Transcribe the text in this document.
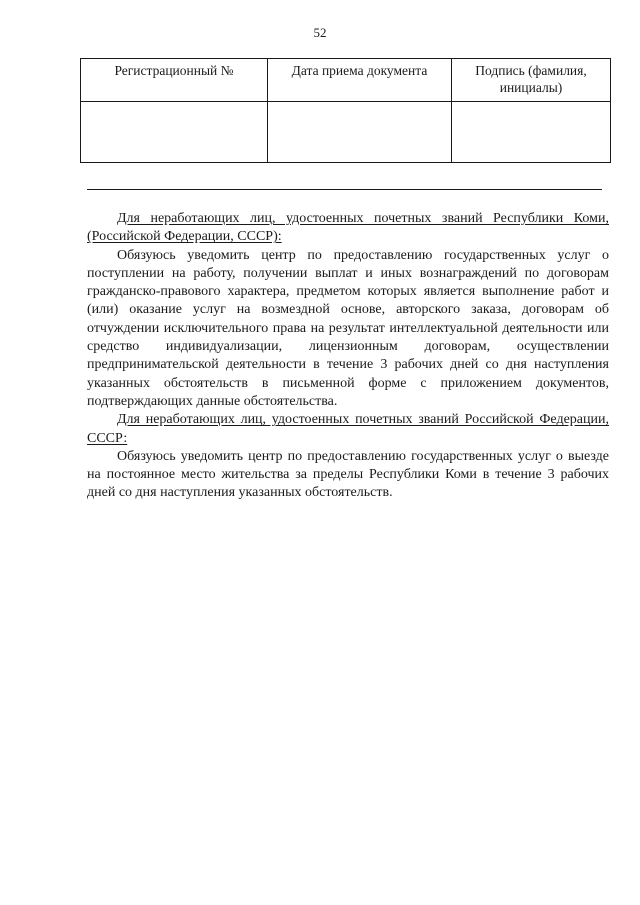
52
Регистрационный №	Дата приема документа	Подпись (фамилия, инициалы)

Для неработающих лиц, удостоенных почетных званий Республики Коми, (Российской Федерации, СССР):

Обязуюсь уведомить центр по предоставлению государственных услуг о поступлении на работу, получении выплат и иных вознаграждений по договорам гражданско-правового характера, предметом которых является выполнение работ и (или) оказание услуг на возмездной основе, авторского заказа, договорам об отчуждении исключительного права на результат интеллектуальной деятельности или средство индивидуализации, лицензионным договорам, осуществлении предпринимательской деятельности в течение 3 рабочих дней со дня наступления указанных обстоятельств в письменной форме с приложением документов, подтверждающих данные обстоятельства.

Для неработающих лиц, удостоенных почетных званий Российской Федерации, СССР:

Обязуюсь уведомить центр по предоставлению государственных услуг о выезде на постоянное место жительства за пределы Республики Коми в течение 3 рабочих дней со дня наступления указанных обстоятельств.
